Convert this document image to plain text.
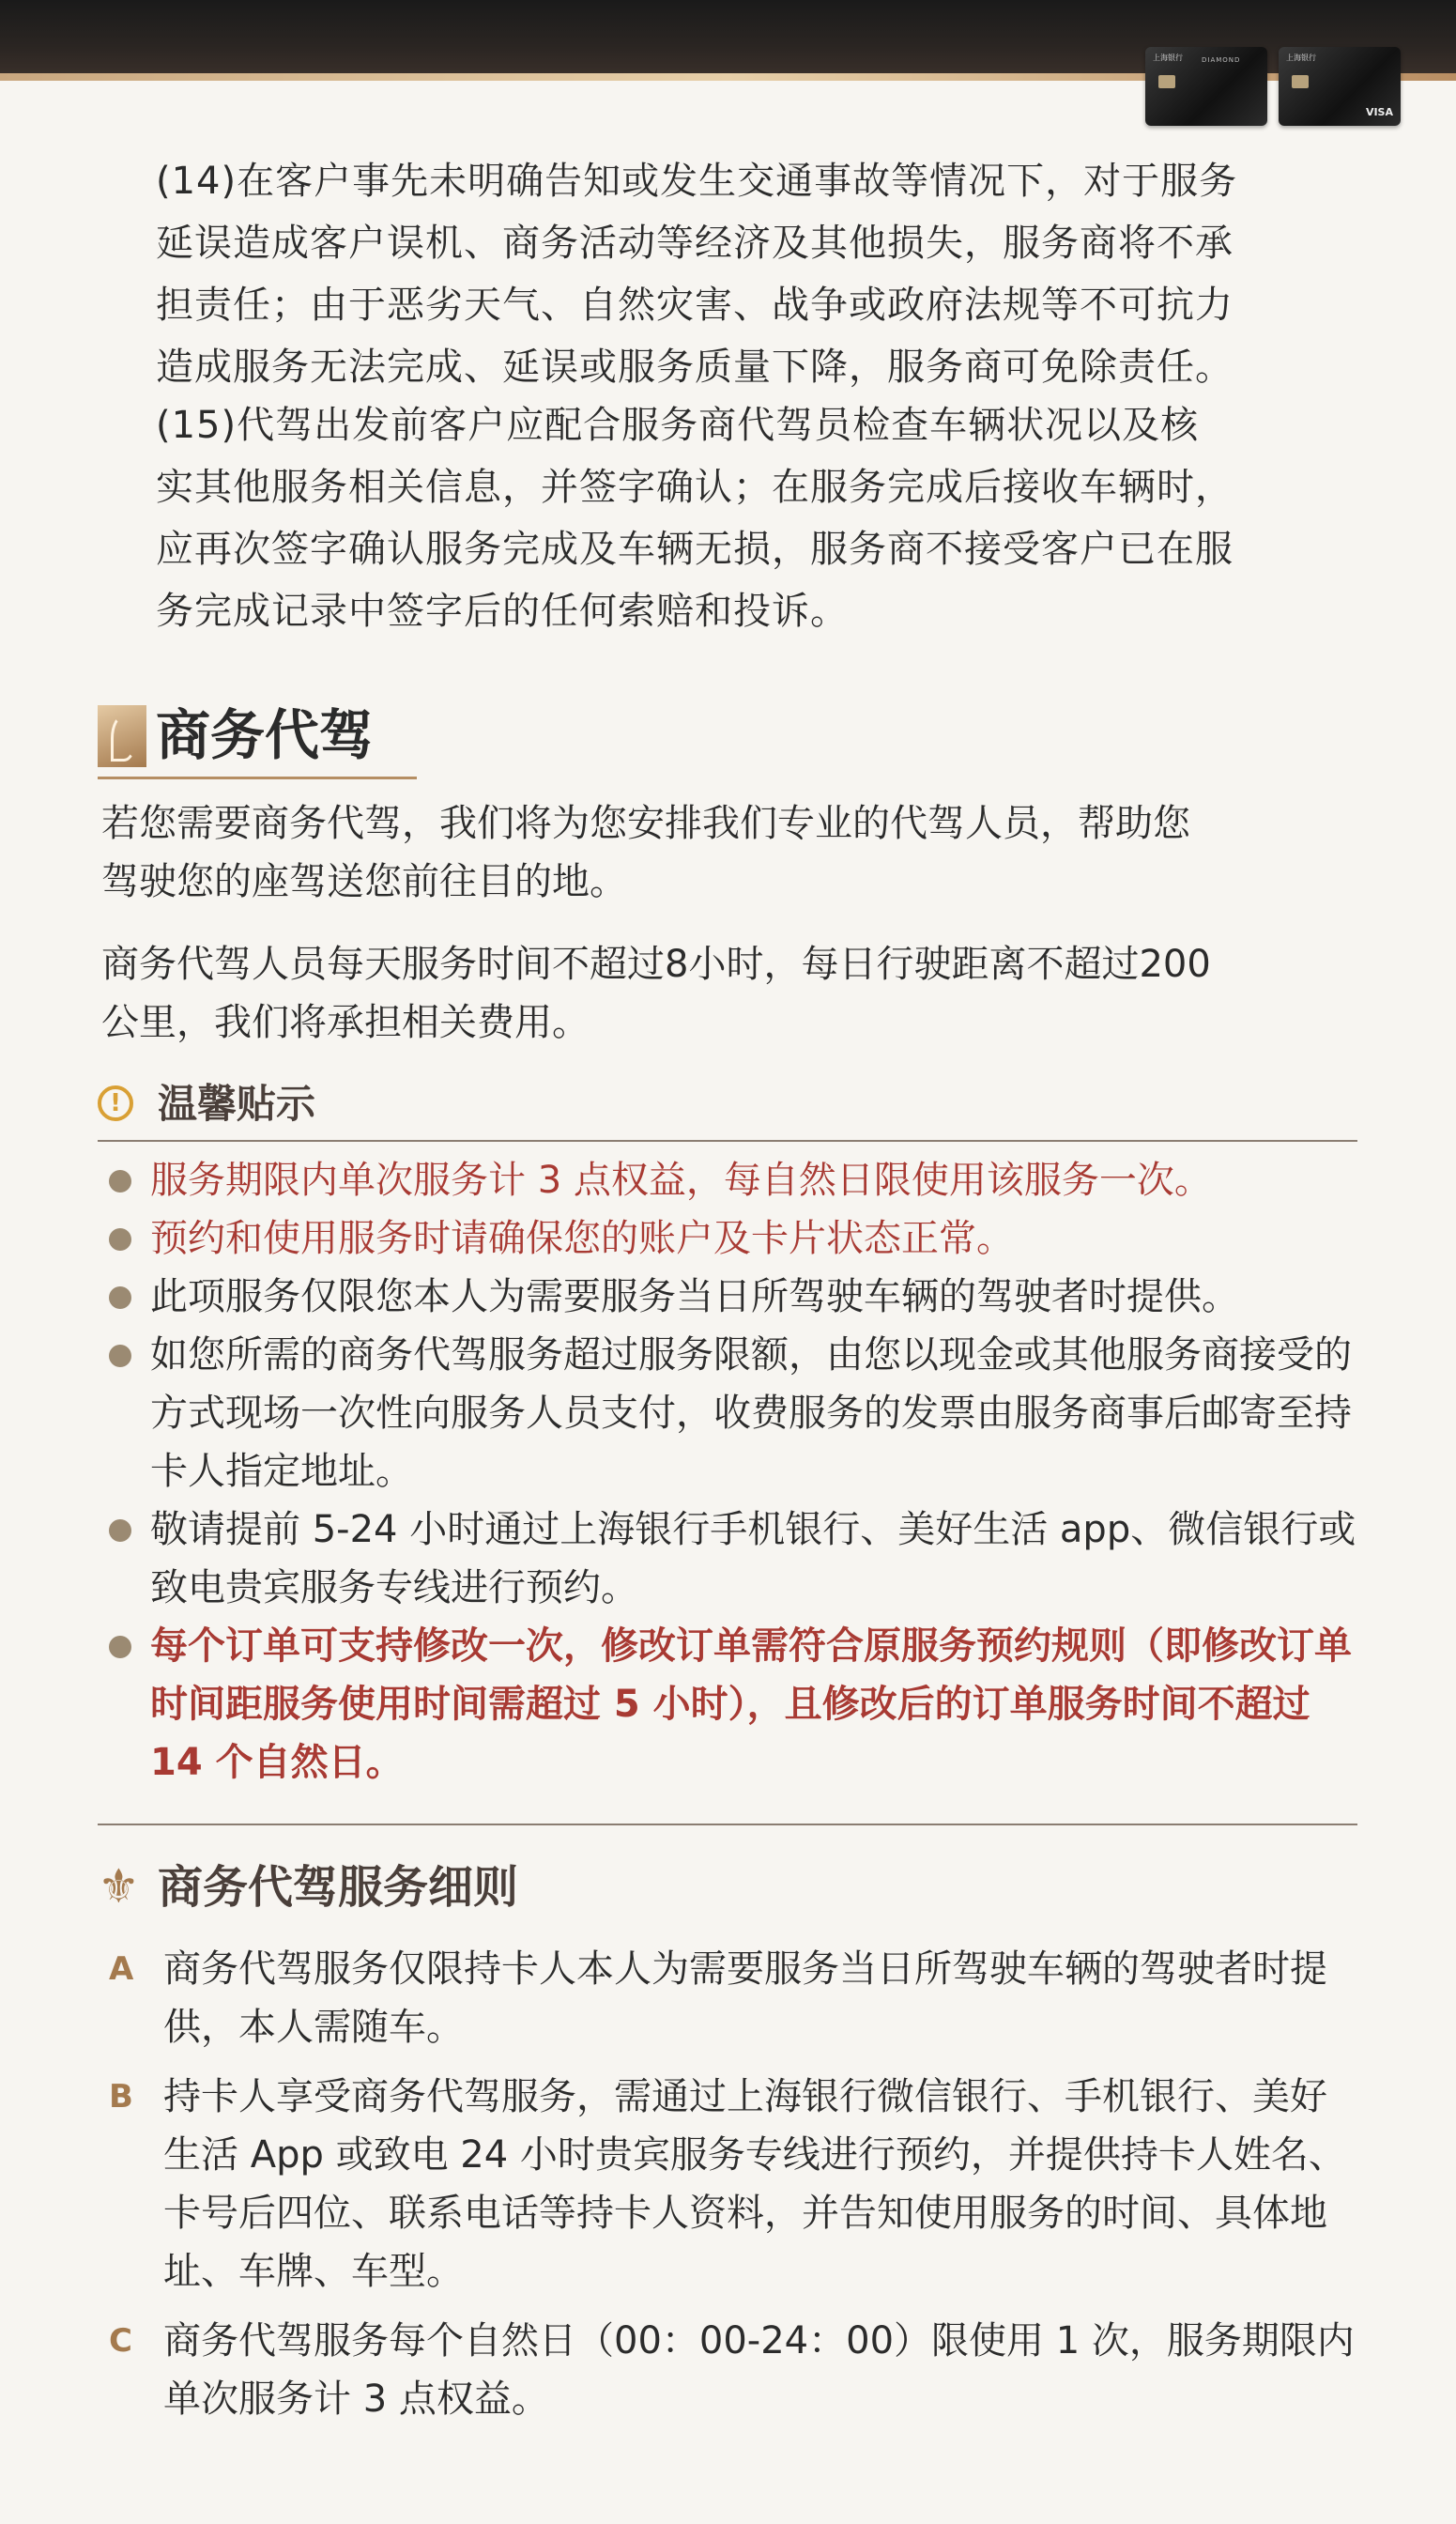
上海银行	DIAMOND	上海银行
VISA
(14)在客户事先未明确告知或发生交通事故等情况下，对于服务
延误造成客户误机、商务活动等经济及其他损失，服务商将不承
担责任；由于恶劣天气、自然灾害、战争或政府法规等不可抗力
造成服务无法完成、延误或服务质量下降，服务商可免除责任。
(15)代驾出发前客户应配合服务商代驾员检查车辆状况以及核
实其他服务相关信息，并签字确认；在服务完成后接收车辆时，
应再次签字确认服务完成及车辆无损，服务商不接受客户已在服
务完成记录中签字后的任何索赔和投诉。
商务代驾
若您需要商务代驾，我们将为您安排我们专业的代驾人员，帮助您
驾驶您的座驾送您前往目的地。
商务代驾人员每天服务时间不超过8小时，每日行驶距离不超过200
公里，我们将承担相关费用。
! 温馨贴示
服务期限内单次服务计 3 点权益，每自然日限使用该服务一次。
预约和使用服务时请确保您的账户及卡片状态正常。
此项服务仅限您本人为需要服务当日所驾驶车辆的驾驶者时提供。
如您所需的商务代驾服务超过服务限额，由您以现金或其他服务商接受的方式现场一次性向服务人员支付，收费服务的发票由服务商事后邮寄至持卡人指定地址。
敬请提前 5-24 小时通过上海银行手机银行、美好生活 app、微信银行或致电贵宾服务专线进行预约。
每个订单可支持修改一次，修改订单需符合原服务预约规则（即修改订单时间距服务使用时间需超过 5 小时），且修改后的订单服务时间不超过 14 个自然日。
⚜ 商务代驾服务细则
A 商务代驾服务仅限持卡人本人为需要服务当日所驾驶车辆的驾驶者时提供，本人需随车。
B 持卡人享受商务代驾服务，需通过上海银行微信银行、手机银行、美好生活 App 或致电 24 小时贵宾服务专线进行预约，并提供持卡人姓名、卡号后四位、联系电话等持卡人资料，并告知使用服务的时间、具体地址、车牌、车型。
C 商务代驾服务每个自然日（00：00-24：00）限使用 1 次，服务期限内单次服务计 3 点权益。
